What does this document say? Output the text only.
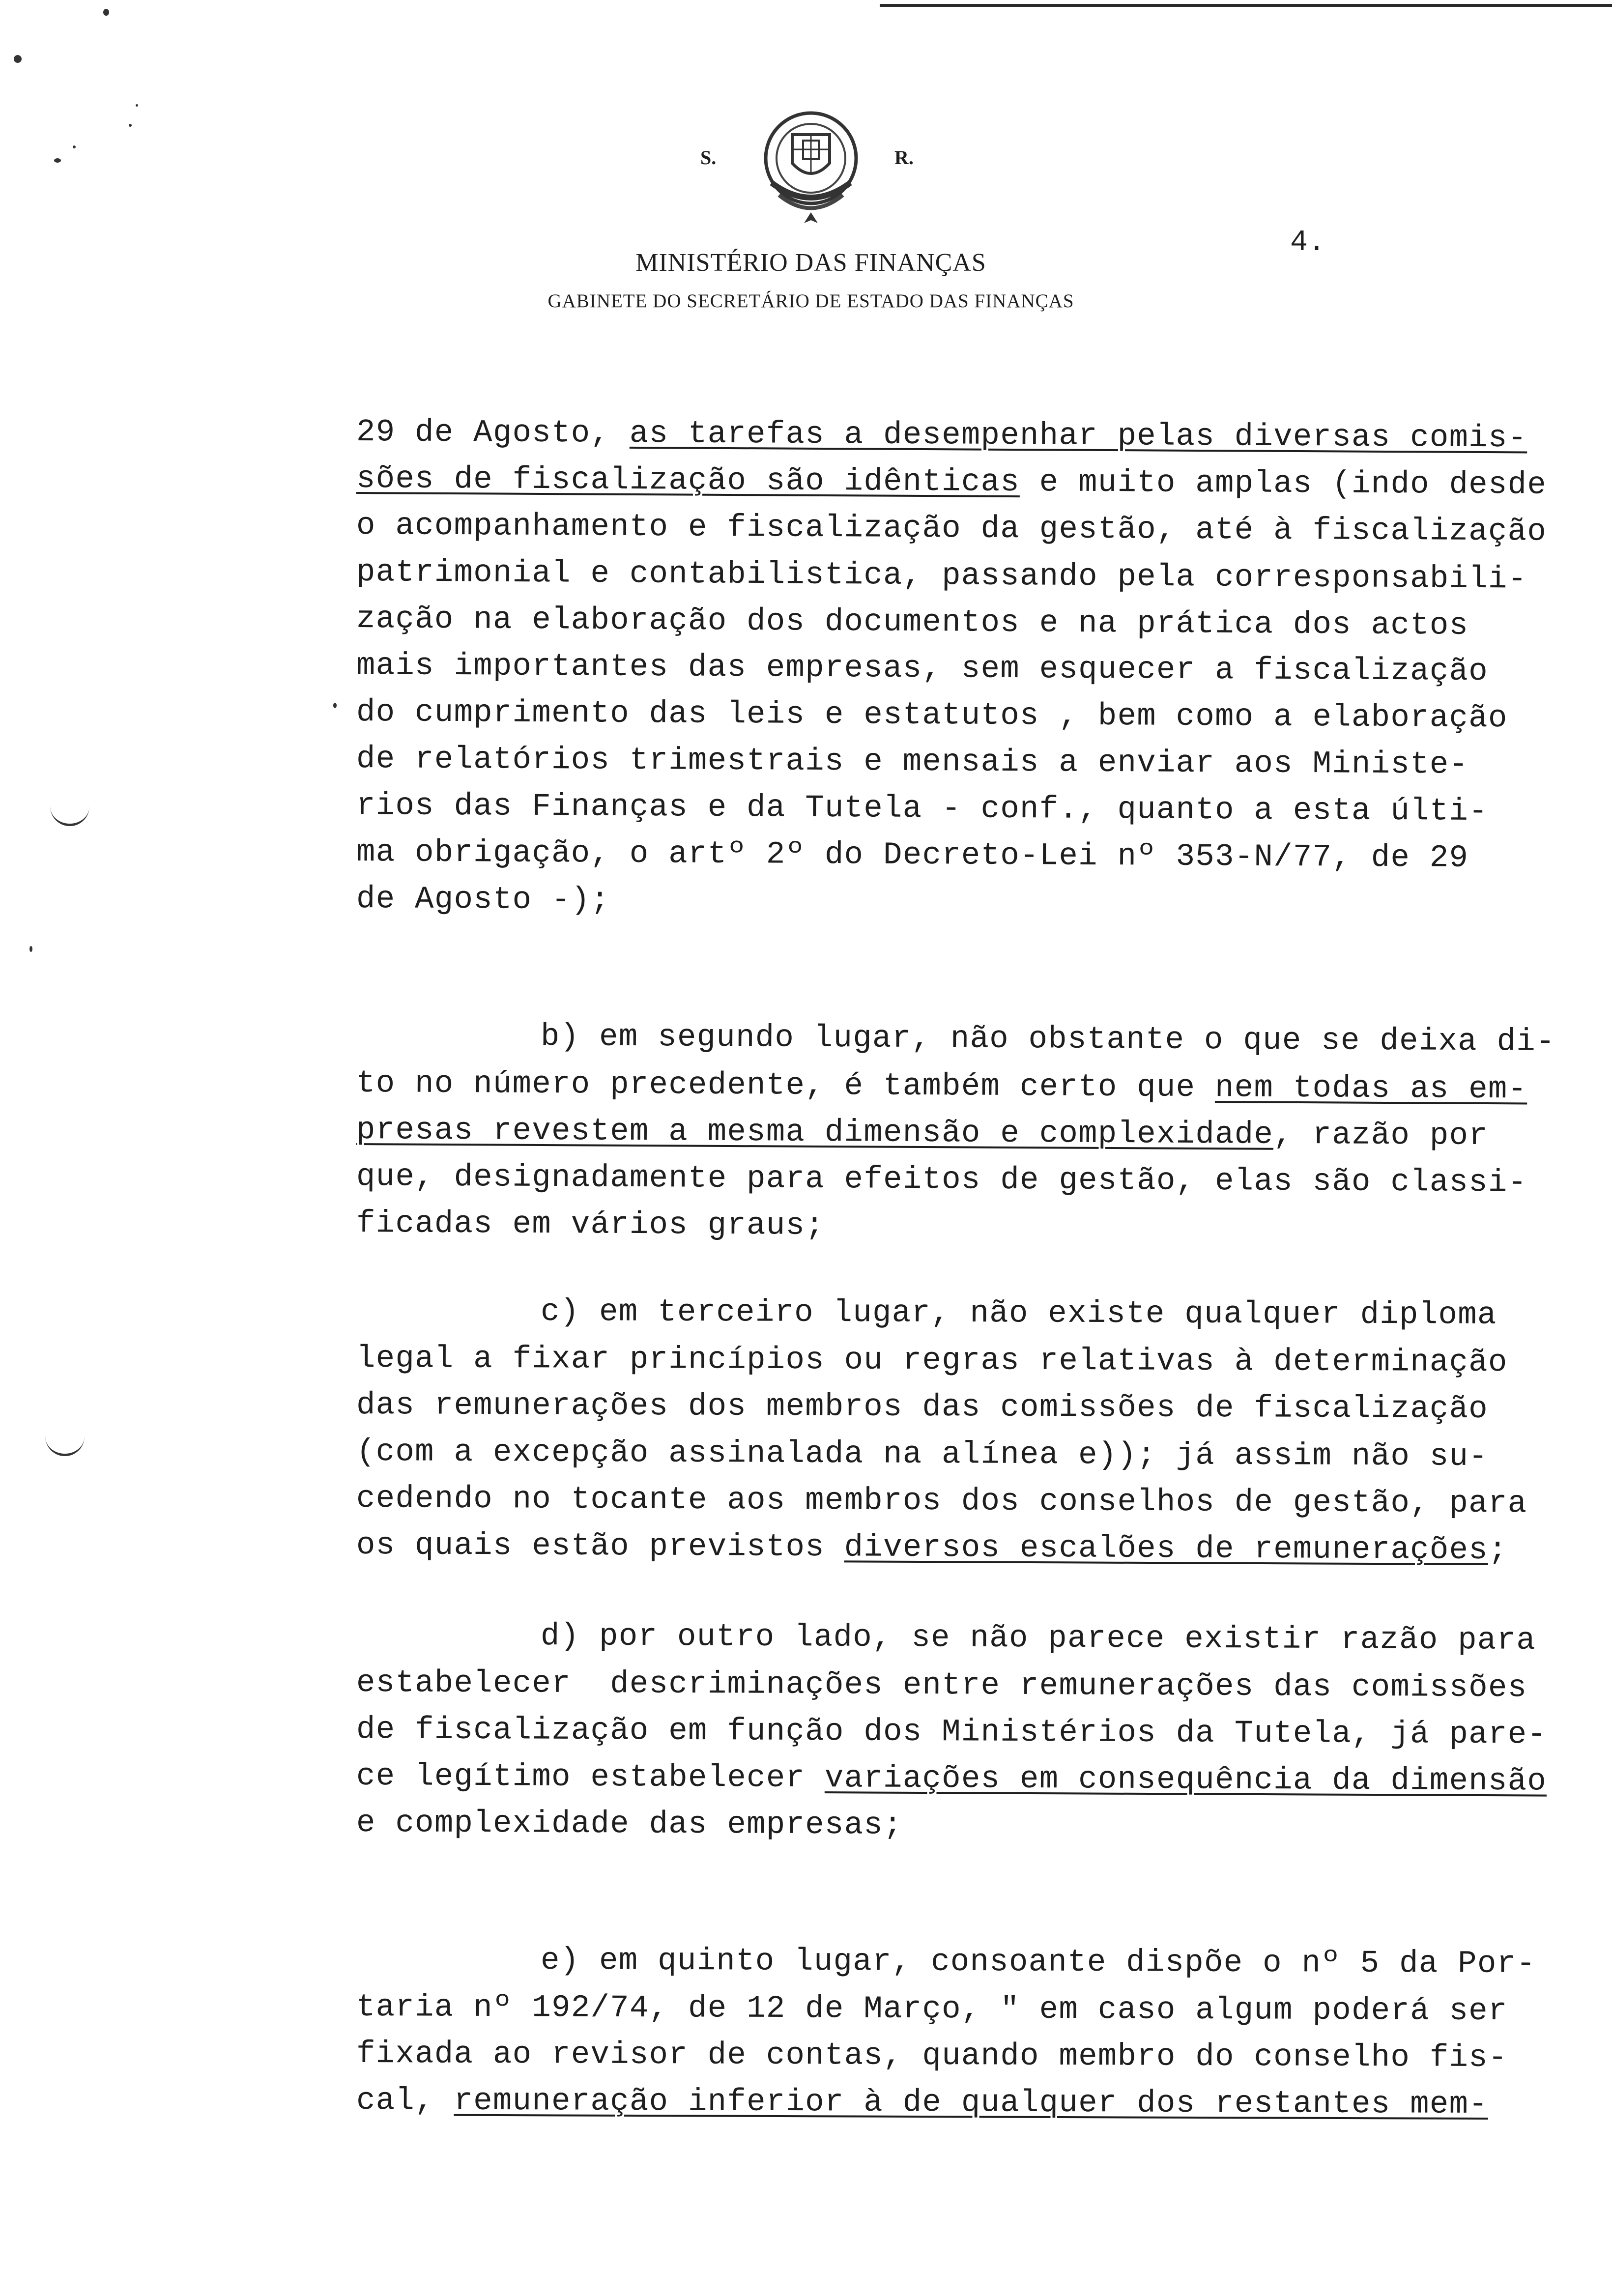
S.	R.
MINISTÉRIO DAS FINANÇAS
GABINETE DO SECRETÁRIO DE ESTADO DAS FINANÇAS
4.
29 de Agosto, as tarefas a desempenhar pelas diversas comis-
sões de fiscalização são idênticas e muito amplas (indo desde
o acompanhamento e fiscalização da gestão, até à fiscalização
patrimonial e contabilistica, passando pela corresponsabili-
zação na elaboração dos documentos e na prática dos actos
mais importantes das empresas, sem esquecer a fiscalização
do cumprimento das leis e estatutos , bem como a elaboração
de relatórios trimestrais e mensais a enviar aos Ministe-
rios das Finanças e da Tutela - conf., quanto a esta últi-
ma obrigação, o artº 2º do Decreto-Lei nº 353-N/77, de 29
de Agosto -);
b) em segundo lugar, não obstante o que se deixa di-
to no número precedente, é também certo que nem todas as em-
presas revestem a mesma dimensão e complexidade, razão por
que, designadamente para efeitos de gestão, elas são classi-
ficadas em vários graus;
c) em terceiro lugar, não existe qualquer diploma
legal a fixar princípios ou regras relativas à determinação
das remunerações dos membros das comissões de fiscalização
(com a excepção assinalada na alínea e)); já assim não su-
cedendo no tocante aos membros dos conselhos de gestão, para
os quais estão previstos diversos escalões de remunerações;
d) por outro lado, se não parece existir razão para
estabelecer  descriminações entre remunerações das comissões
de fiscalização em função dos Ministérios da Tutela, já pare-
ce legítimo estabelecer variações em consequência da dimensão
e complexidade das empresas;
e) em quinto lugar, consoante dispõe o nº 5 da Por-
taria nº 192/74, de 12 de Março, " em caso algum poderá ser
fixada ao revisor de contas, quando membro do conselho fis-
cal, remuneração inferior à de qualquer dos restantes mem-
